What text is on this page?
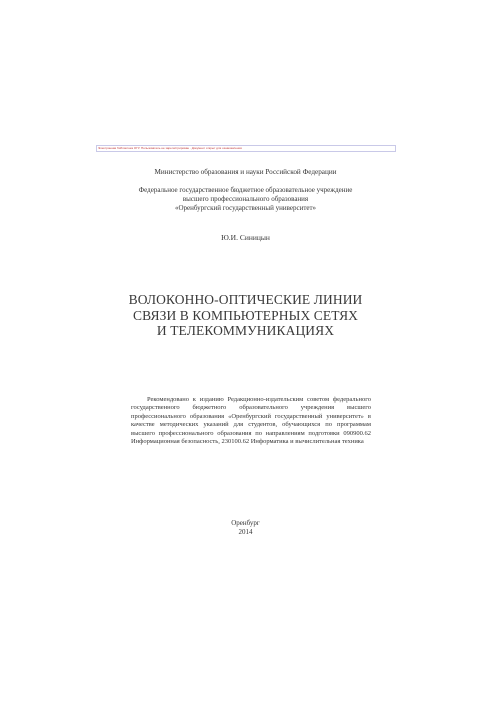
Электронная библиотека ОГУ. Пользователь не зарегистрирован · Документ открыт для ознакомления
Министерство образования и науки Российской Федерации
Федеральное государственное бюджетное образовательное учреждение
высшего профессионального образования
«Оренбургский государственный университет»
Ю.И. Синицын
ВОЛОКОННО-ОПТИЧЕСКИЕ ЛИНИИ
СВЯЗИ В КОМПЬЮТЕРНЫХ СЕТЯХ
И ТЕЛЕКОММУНИКАЦИЯХ
Рекомендовано к изданию Редакционно-издательским советом федерального государственного бюджетного образовательного учреждения высшего профессионального образования «Оренбургский государственный университет» в качестве методических указаний для студентов, обучающихся по программам высшего профессионального образования по направлениям подготовки 090900.62 Информационная безопасность, 230100.62 Информатика и вычислительная техника
Оренбург
2014
